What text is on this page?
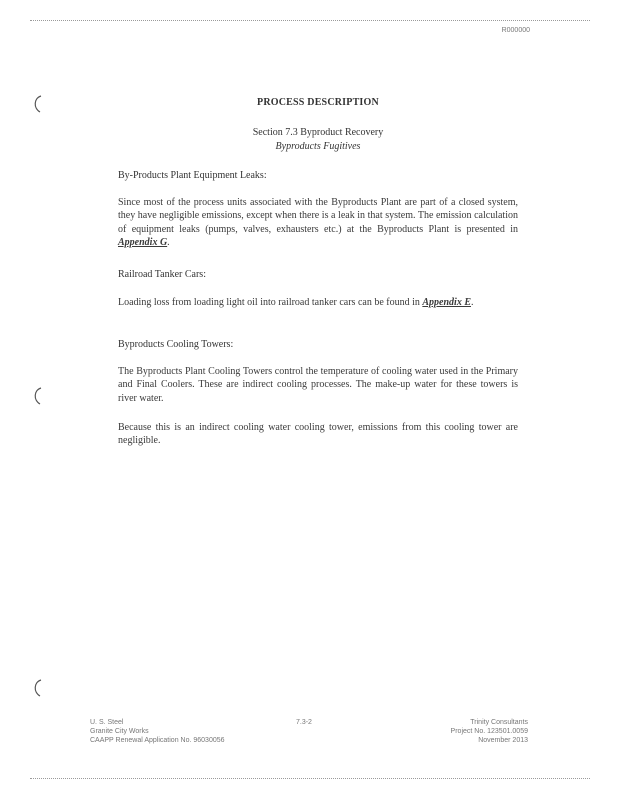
R000000
PROCESS DESCRIPTION
Section 7.3 Byproduct Recovery
Byproducts Fugitives
By-Products Plant Equipment Leaks:
Since most of the process units associated with the Byproducts Plant are part of a closed system, they have negligible emissions, except when there is a leak in that system. The emission calculation of equipment leaks (pumps, valves, exhausters etc.) at the Byproducts Plant is presented in Appendix G.
Railroad Tanker Cars:
Loading loss from loading light oil into railroad tanker cars can be found in Appendix E.
Byproducts Cooling Towers:
The Byproducts Plant Cooling Towers control the temperature of cooling water used in the Primary and Final Coolers. These are indirect cooling processes. The make-up water for these towers is river water.
Because this is an indirect cooling water cooling tower, emissions from this cooling tower are negligible.
U. S. Steel
Granite City Works
CAAPP Renewal Application No. 96030056
7.3-2	Trinity Consultants
Project No. 123501.0059
November 2013
